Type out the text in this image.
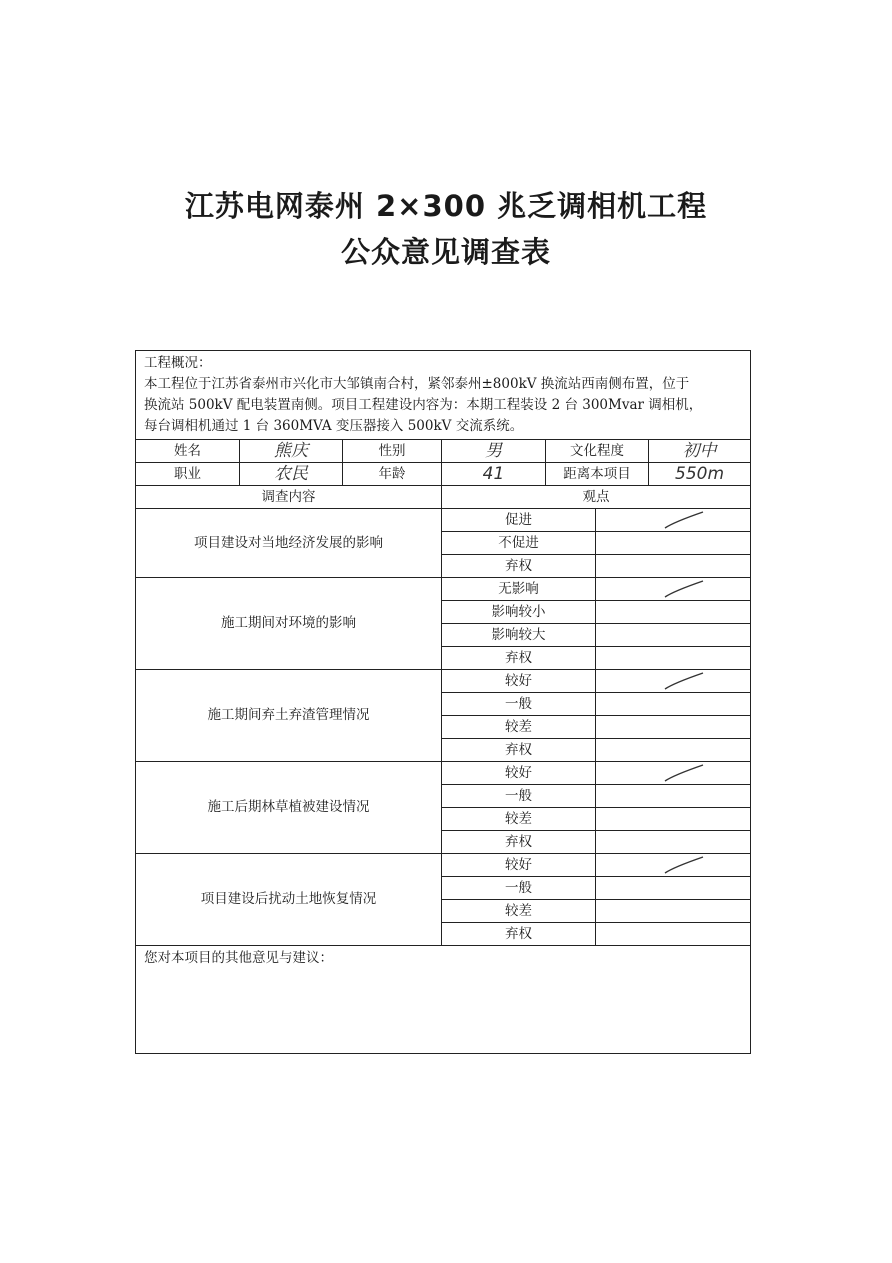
江苏电网泰州 2×300 兆乏调相机工程
公众意见调查表
工程概况：
本工程位于江苏省泰州市兴化市大邹镇南合村，紧邻泰州±800kV 换流站西南侧布置，位于
换流站 500kV 配电装置南侧。项目工程建设内容为：本期工程装设 2 台 300Mvar 调相机，
每台调相机通过 1 台 360MVA 变压器接入 500kV 交流系统。						

姓名	熊庆	性别	男	文化程度		初中
职业	农民	年龄	41	距离本项目		550m
调查内容			观点			
项目建设对当地经济发展的影响			促进	

			不促进			
			弃权			
施工期间对环境的影响			无影响	

			影响较小			
			影响较大			
			弃权			
施工期间弃土弃渣管理情况			较好	

			一般			
			较差			
			弃权			
施工后期林草植被建设情况			较好	

			一般			
			较差			
			弃权			
项目建设后扰动土地恢复情况			较好	

			一般			
			较差			
			弃权			
您对本项目的其他意见与建议：						
